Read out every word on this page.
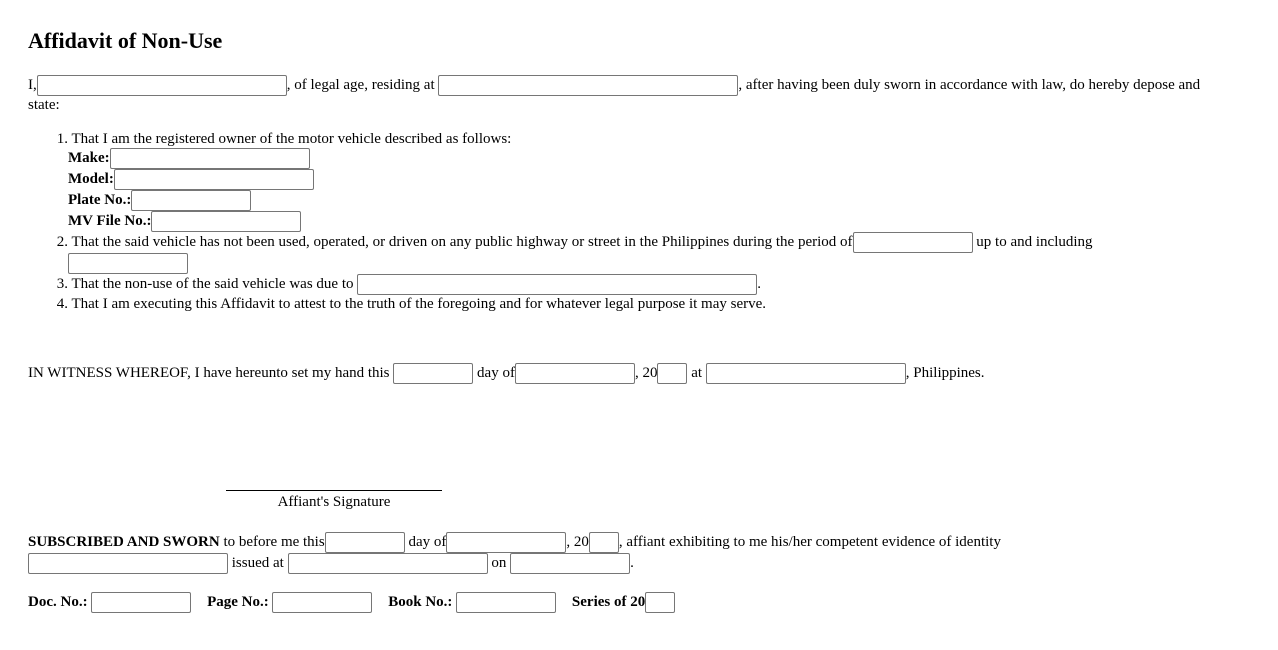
Affidavit of Non-Use
I,	, of legal age, residing at	, after having been duly sworn in accordance with law, do hereby depose and
state:
1. That I am the registered owner of the motor vehicle described as follows:
Make:
Model:
Plate No.:
MV File No.:
2. That the said vehicle has not been used, operated, or driven on any public highway or street in the Philippines during the period of	up to and including
3. That the non-use of the said vehicle was due to	.
4. That I am executing this Affidavit to attest to the truth of the foregoing and for whatever legal purpose it may serve.
IN WITNESS WHEREOF, I have hereunto set my hand this	day of	, 20 at	, Philippines.
Affiant's Signature
SUBSCRIBED AND SWORN to before me this	day of	, 20 , affiant exhibiting to me his/her competent evidence of identity
issued at	on	.
Doc. No.:	Page No.:	Book No.:	Series of 20
